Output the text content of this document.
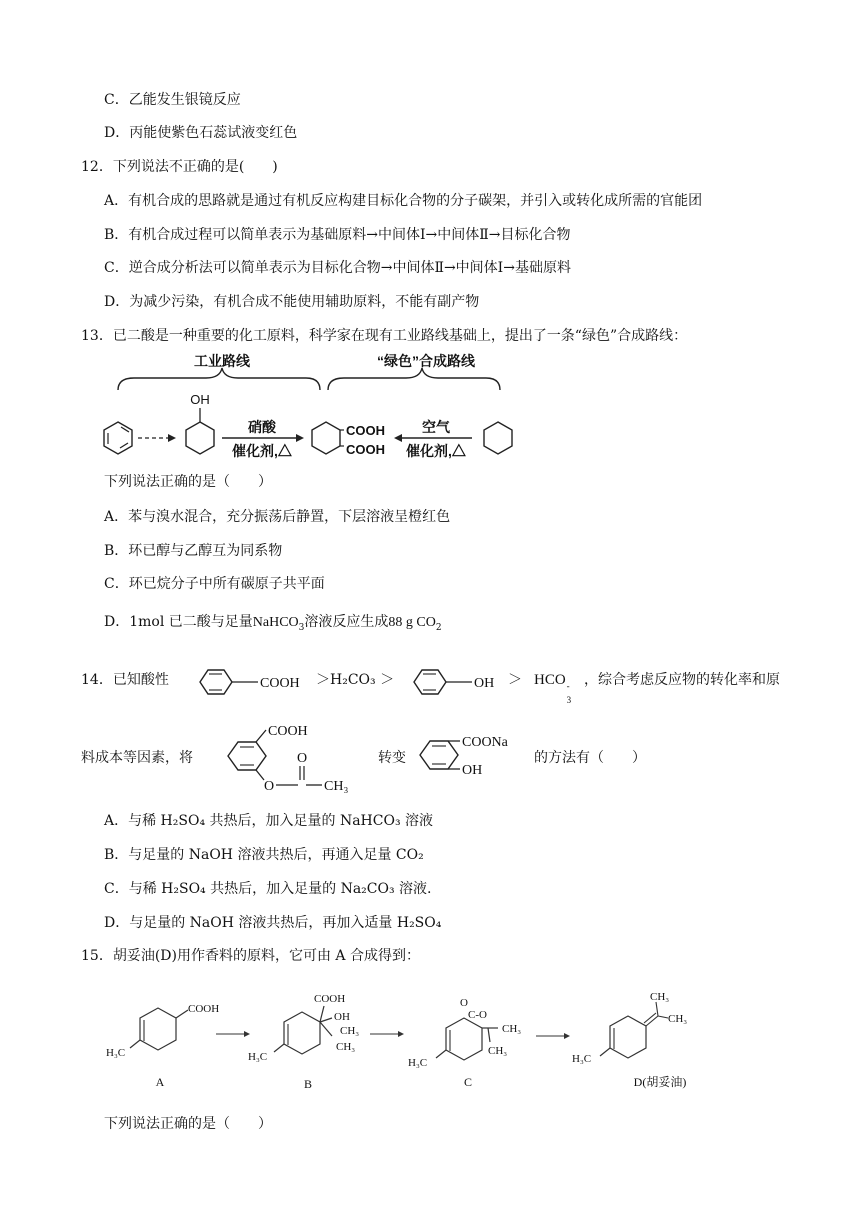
C．乙能发生银镜反应
D．丙能使紫色石蕊试液变红色
12．下列说法不正确的是(　　)
A．有机合成的思路就是通过有机反应构建目标化合物的分子碳架，并引入或转化成所需的官能团
B．有机合成过程可以简单表示为基础原料→中间体Ⅰ→中间体Ⅱ→目标化合物
C．逆合成分析法可以简单表示为目标化合物→中间体Ⅱ→中间体Ⅰ→基础原料
D．为减少污染，有机合成不能使用辅助原料，不能有副产物
13．已二酸是一种重要的化工原料，科学家在现有工业路线基础上，提出了一条“绿色”合成路线：
工业路线	“绿色”合成路线
OH
硝酸
催化剂,△
COOH
COOH
空气
催化剂,△
下列说法正确的是（　　）
A．苯与溴水混合，充分振荡后静置，下层溶液呈橙红色
B．环已醇与乙醇互为同系物
C．环已烷分子中所有碳原子共平面
D．1mol 已二酸与足量NaHCO$_3$溶液反应生成88 g $CO_2$
14．已知酸性	COOH ＞H₂CO₃ ＞	OH ＞ HCO -
3
，综合考虑反应物的转化率和原
料成本等因素，将
COOH
O
O
CH₃
转变
COONa
OH
的方法有（　　）
A．与稀 H₂SO₄ 共热后，加入足量的 NaHCO₃ 溶液
B．与足量的 NaOH 溶液共热后，再通入足量 CO₂
C．与稀 H₂SO₄ 共热后，加入足量的 Na₂CO₃ 溶液.
D．与足量的 NaOH 溶液共热后，再加入适量 H₂SO₄
15．胡妥油(D)用作香料的原料，它可由 A 合成得到：
COOH
H₃C
A
COOH
OH
CH₃
CH₃
H₃C
B
O
C-O
CH₃
CH₃
H₃C
C
CH₃
CH₃
H₃C
D(胡妥油)
下列说法正确的是（　　）
